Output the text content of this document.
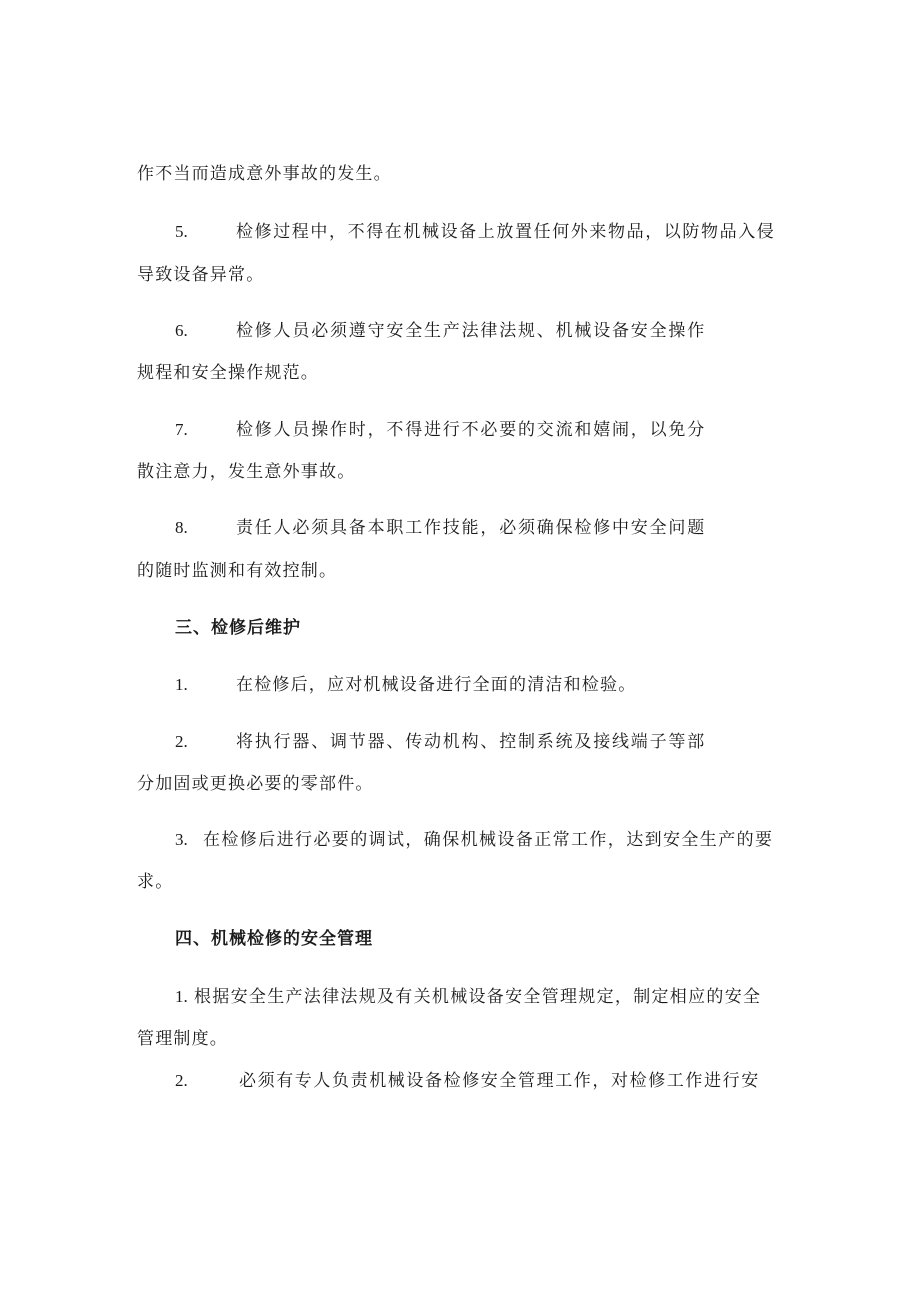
作不当而造成意外事故的发生。
5.	检修过程中，不得在机械设备上放置任何外来物品，以防物品入侵
导致设备异常。
6.	检修人员必须遵守安全生产法律法规、机械设备安全操作
规程和安全操作规范。
7.	检修人员操作时，不得进行不必要的交流和嬉闹，以免分
散注意力，发生意外事故。
8.	责任人必须具备本职工作技能，必须确保检修中安全问题
的随时监测和有效控制。
三、检修后维护
1.	在检修后，应对机械设备进行全面的清洁和检验。
2.	将执行器、调节器、传动机构、控制系统及接线端子等部
分加固或更换必要的零部件。
3. 在检修后进行必要的调试，确保机械设备正常工作，达到安全生产的要
求。
四、机械检修的安全管理
1. 根据安全生产法律法规及有关机械设备安全管理规定，制定相应的安全
管理制度。
2.	必须有专人负责机械设备检修安全管理工作，对检修工作进行安
